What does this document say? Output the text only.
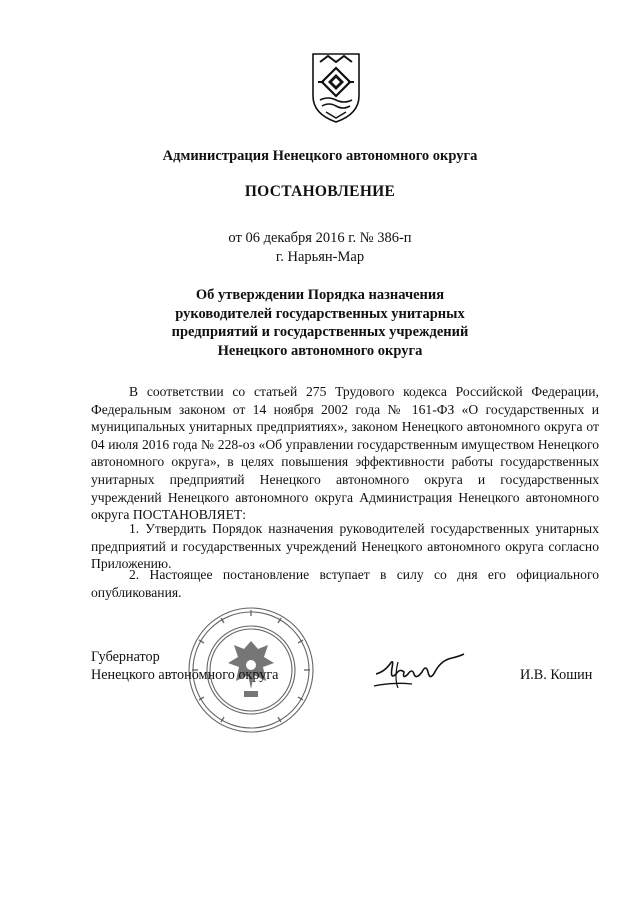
Администрация Ненецкого автономного округа
ПОСТАНОВЛЕНИЕ
от 06 декабря 2016 г. № 386-п
г. Нарьян-Мар
Об утверждении Порядка назначения
руководителей государственных унитарных
предприятий и государственных учреждений
Ненецкого автономного округа

В соответствии со статьей 275 Трудового кодекса Российской Федерации, Федеральным законом от 14 ноября 2002 года № 161-ФЗ «О государственных и муниципальных унитарных предприятиях», законом Ненецкого автономного округа от 04 июля 2016 года № 228-оз «Об управлении государственным имуществом Ненецкого автономного округа», в целях повышения эффективности работы государственных унитарных предприятий Ненецкого автономного округа и государственных учреждений Ненецкого автономного округа Администрация Ненецкого автономного округа ПОСТАНОВЛЯЕТ:

1. Утвердить Порядок назначения руководителей государственных унитарных предприятий и государственных учреждений Ненецкого автономного округа согласно Приложению.

2. Настоящее постановление вступает в силу со дня его официального опубликования.

Губернатор
Ненецкого автономного округа	И.В. Кошин
